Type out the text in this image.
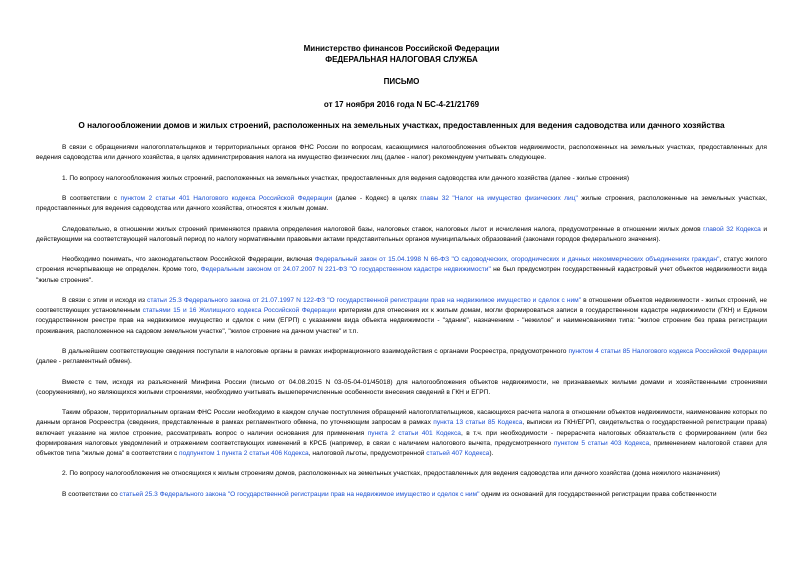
Министерство финансов Российской Федерации
ФЕДЕРАЛЬНАЯ НАЛОГОВАЯ СЛУЖБА
ПИСЬМО
от 17 ноября 2016 года N БС-4-21/21769
О налогообложении домов и жилых строений, расположенных на земельных участках, предоставленных для ведения садоводства или дачного хозяйства

В связи с обращениями налогоплательщиков и территориальных органов ФНС России по вопросам, касающимися налогообложения объектов недвижимости, расположенных на земельных участках, предоставленных для ведения садоводства или дачного хозяйства, в целях администрирования налога на имущество физических лиц (далее - налог) рекомендуем учитывать следующее.

1. По вопросу налогообложения жилых строений, расположенных на земельных участках, предоставленных для ведения садоводства или дачного хозяйства (далее - жилые строения)

В соответствии с пунктом 2 статьи 401 Налогового кодекса Российской Федерации (далее - Кодекс) в целях главы 32 "Налог на имущество физических лиц" жилые строения, расположенные на земельных участках, предоставленных для ведения садоводства или дачного хозяйства, относятся к жилым домам.

Следовательно, в отношении жилых строений применяются правила определения налоговой базы, налоговых ставок, налоговых льгот и исчисления налога, предусмотренные в отношении жилых домов главой 32 Кодекса и действующими на соответствующей налоговый период по налогу нормативными правовыми актами представительных органов муниципальных образований (законами городов федерального значения).

Необходимо понимать, что законодательством Российской Федерации, включая Федеральный закон от 15.04.1998 N 66-ФЗ "О садоводческих, огороднических и дачных некоммерческих объединениях граждан", статус жилого строения исчерпывающе не определен. Кроме того, Федеральным законом от 24.07.2007 N 221-ФЗ "О государственном кадастре недвижимости" не был предусмотрен государственный кадастровый учет объектов недвижимости вида "жилые строения".

В связи с этим и исходя из статьи 25.3 Федерального закона от 21.07.1997 N 122-ФЗ "О государственной регистрации прав на недвижимое имущество и сделок с ним" в отношении объектов недвижимости - жилых строений, не соответствующих установленным статьями 15 и 16 Жилищного кодекса Российской Федерации критериям для отнесения их к жилым домам, могли формироваться записи в государственном кадастре недвижимости (ГКН) и Едином государственном реестре прав на недвижимое имущество и сделок с ним (ЕГРП) с указанием вида объекта недвижимости - "здание", назначением - "нежилое" и наименованиями типа: "жилое строение без права регистрации проживания, расположенное на садовом земельном участке", "жилое строение на дачном участке" и т.п.

В дальнейшем соответствующие сведения поступали в налоговые органы в рамках информационного взаимодействия с органами Росреестра, предусмотренного пунктом 4 статьи 85 Налогового кодекса Российской Федерации (далее - регламентный обмен).

Вместе с тем, исходя из разъяснений Минфина России (письмо от 04.08.2015 N 03-05-04-01/45018) для налогообложения объектов недвижимости, не признаваемых жилыми домами и хозяйственными строениями (сооружениями), но являющихся жилыми строениями, необходимо учитывать вышеперечисленные особенности внесения сведений в ГКН и ЕГРП.

Таким образом, территориальным органам ФНС России необходимо в каждом случае поступления обращений налогоплательщиков, касающихся расчета налога в отношении объектов недвижимости, наименование которых по данным органов Росреестра (сведения, представленные в рамках регламентного обмена, по уточняющим запросам в рамках пункта 13 статьи 85 Кодекса, выписки из ГКН/ЕГРП, свидетельства о государственной регистрации права) включает указание на жилое строение, рассматривать вопрос о наличии основания для применения пункта 2 статьи 401 Кодекса, в т.ч. при необходимости - перерасчета налоговых обязательств с формированием (или без формирования налоговых уведомлений и отражением соответствующих изменений в КРСБ (например, в связи с наличием налогового вычета, предусмотренного пунктом 5 статьи 403 Кодекса, применением налоговой ставки для объектов типа "жилые дома" в соответствии с подпунктом 1 пункта 2 статьи 406 Кодекса, налоговой льготы, предусмотренной статьей 407 Кодекса).

2. По вопросу налогообложения не относящихся к жилым строениям домов, расположенных на земельных участках, предоставленных для ведения садоводства или дачного хозяйства (дома нежилого назначения)

В соответствии со статьей 25.3 Федерального закона "О государственной регистрации прав на недвижимое имущество и сделок с ним" одним из оснований для государственной регистрации права собственности
